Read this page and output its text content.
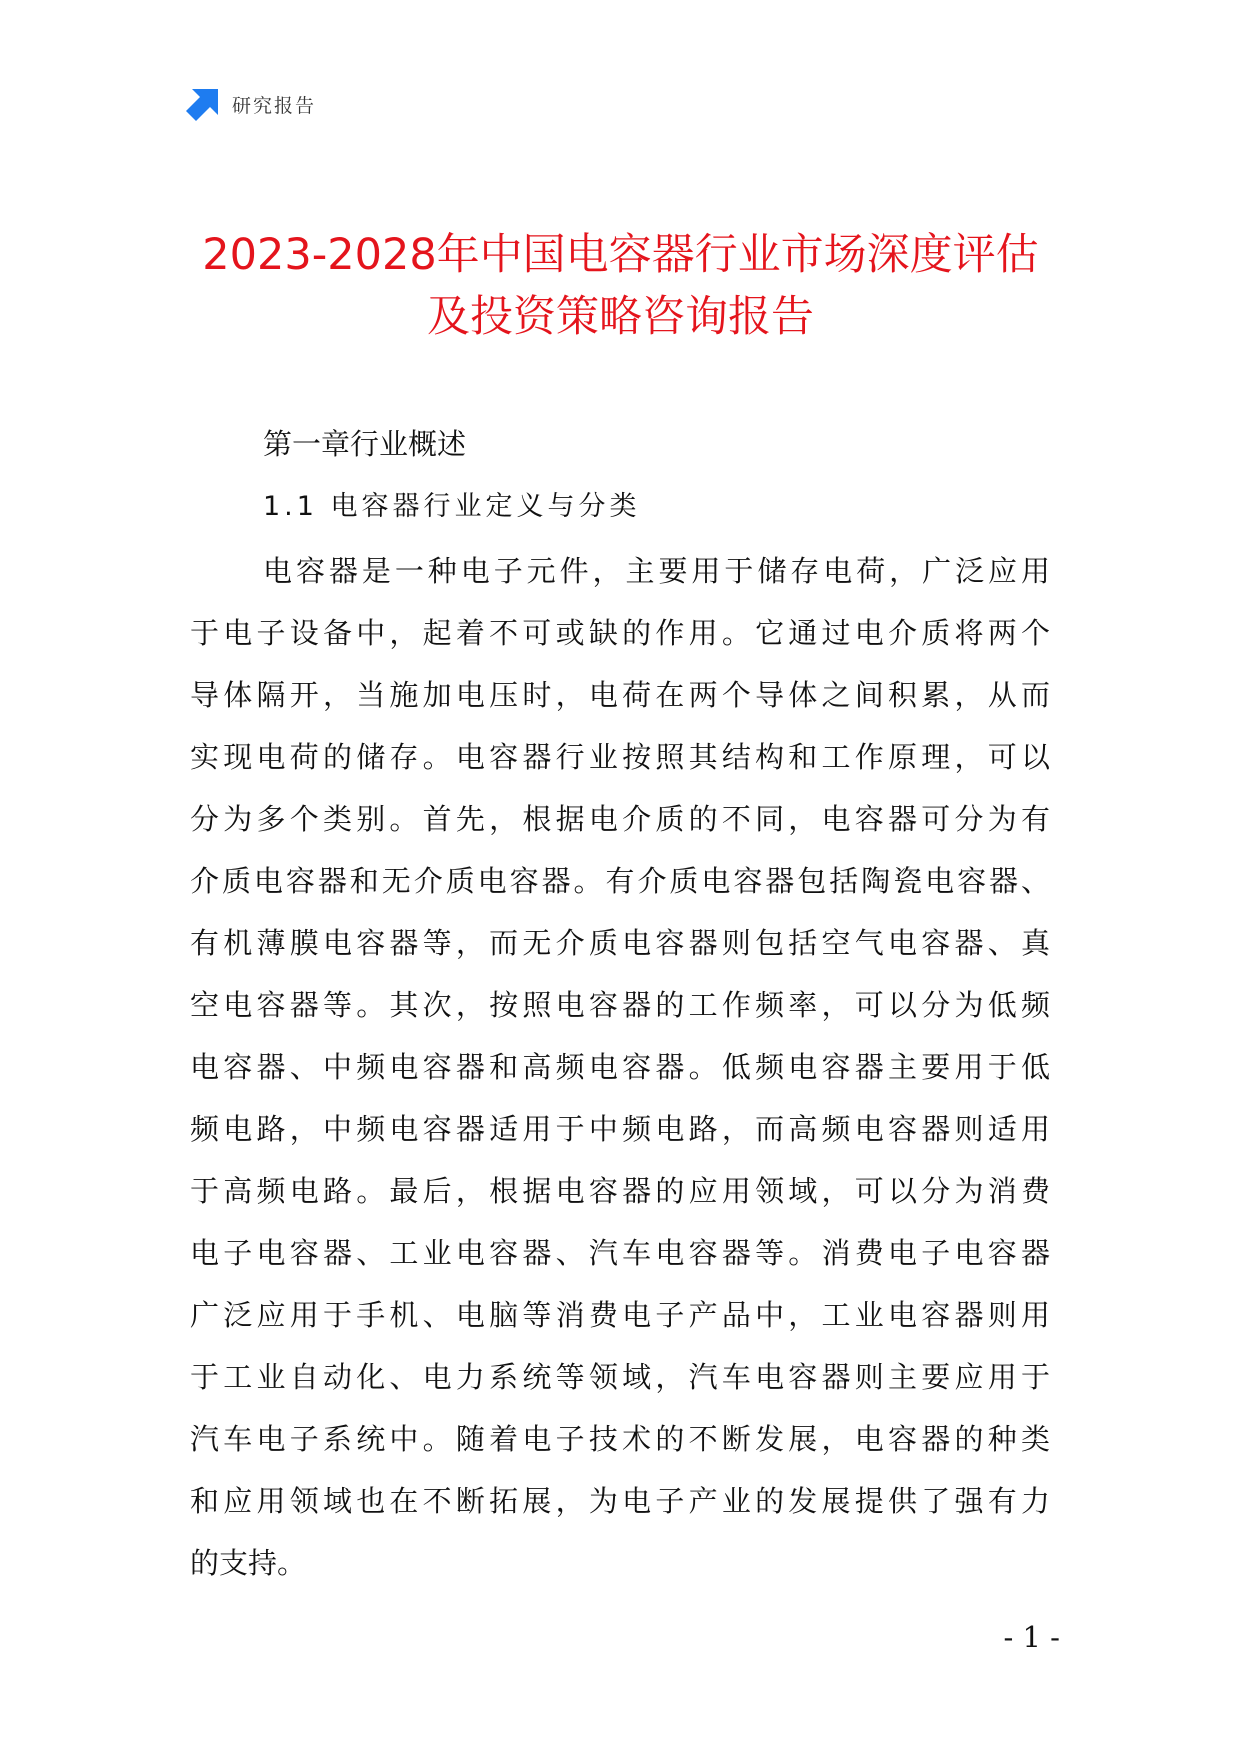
研究报告
2023-2028年中国电容器行业市场深度评估
及投资策略咨询报告
第一章行业概述
1.1 电容器行业定义与分类
电容器是一种电子元件，主要用于储存电荷，广泛应用
于电子设备中，起着不可或缺的作用。它通过电介质将两个
导体隔开，当施加电压时，电荷在两个导体之间积累，从而
实现电荷的储存。电容器行业按照其结构和工作原理，可以
分为多个类别。首先，根据电介质的不同，电容器可分为有
介质电容器和无介质电容器。有介质电容器包括陶瓷电容器、
有机薄膜电容器等，而无介质电容器则包括空气电容器、真
空电容器等。其次，按照电容器的工作频率，可以分为低频
电容器、中频电容器和高频电容器。低频电容器主要用于低
频电路，中频电容器适用于中频电路，而高频电容器则适用
于高频电路。最后，根据电容器的应用领域，可以分为消费
电子电容器、工业电容器、汽车电容器等。消费电子电容器
广泛应用于手机、电脑等消费电子产品中，工业电容器则用
于工业自动化、电力系统等领域，汽车电容器则主要应用于
汽车电子系统中。随着电子技术的不断发展，电容器的种类
和应用领域也在不断拓展，为电子产业的发展提供了强有力
的支持。
- 1 -
